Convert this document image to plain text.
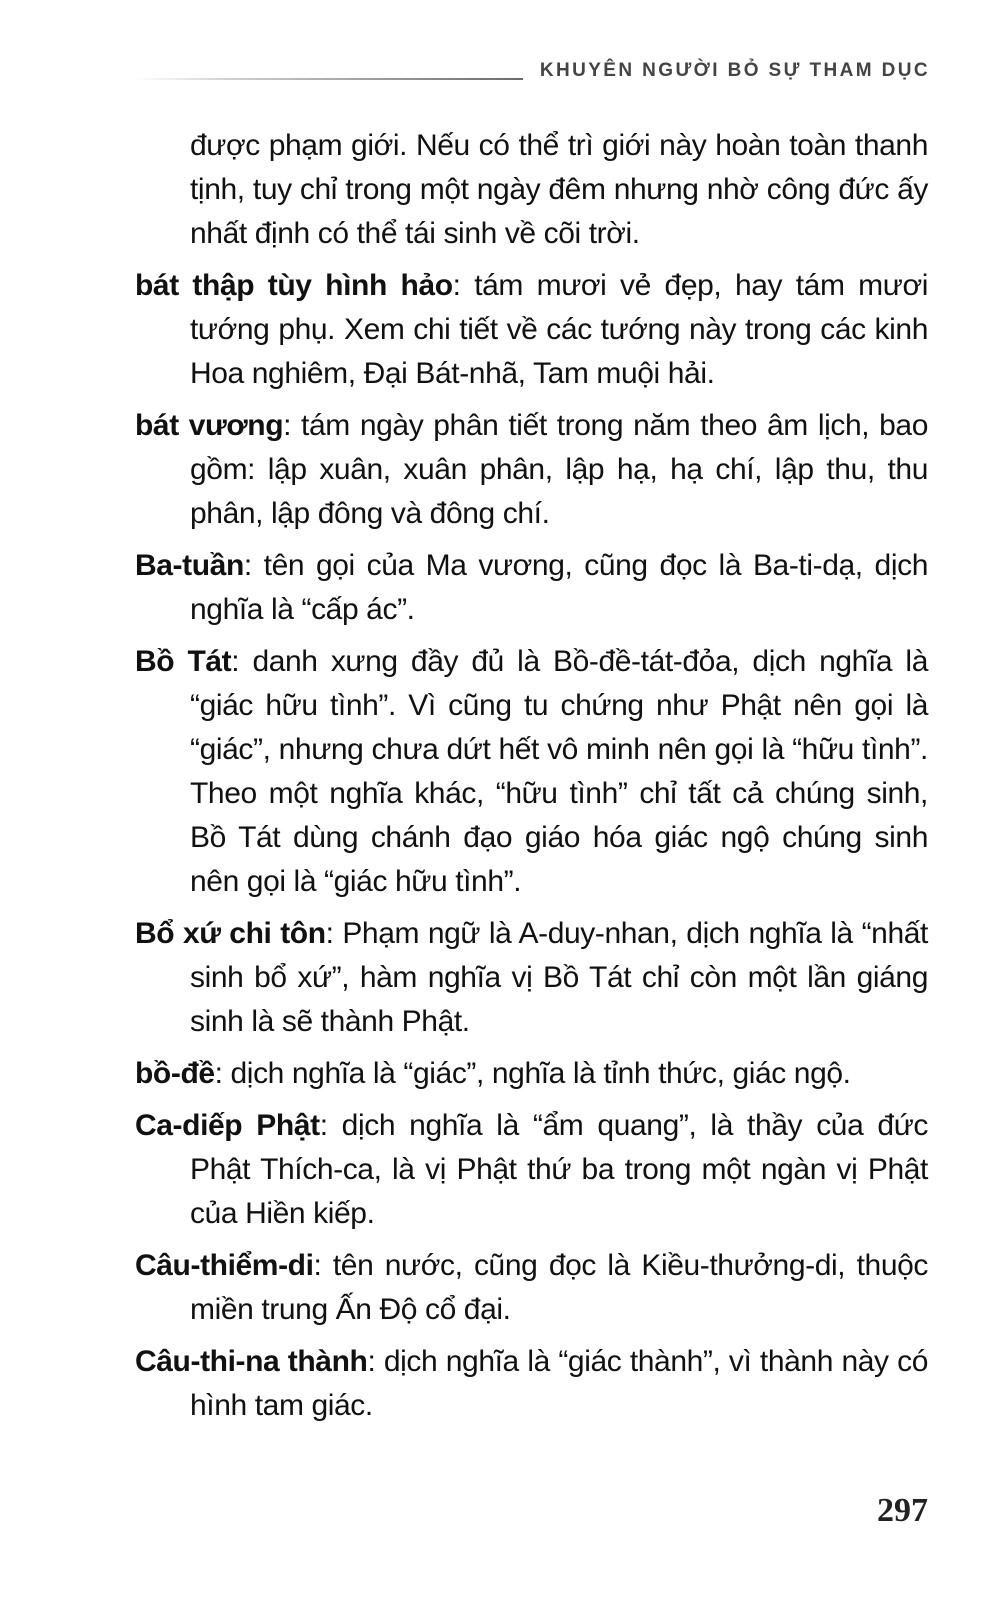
KHUYÊN NGƯỜI BỎ SỰ THAM DỤC

được phạm giới. Nếu có thể trì giới này hoàn toàn thanh tịnh, tuy chỉ trong một ngày đêm nhưng nhờ công đức ấy nhất định có thể tái sinh về cõi trời.

bát thập tùy hình hảo: tám mươi vẻ đẹp, hay tám mươi tướng phụ. Xem chi tiết về các tướng này trong các kinh Hoa nghiêm, Đại Bát-nhã, Tam muội hải.

bát vương: tám ngày phân tiết trong năm theo âm lịch, bao gồm: lập xuân, xuân phân, lập hạ, hạ chí, lập thu, thu phân, lập đông và đông chí.

Ba-tuần: tên gọi của Ma vương, cũng đọc là Ba-ti-dạ, dịch nghĩa là “cấp ác”.

Bồ Tát: danh xưng đầy đủ là Bồ-đề-tát-đỏa, dịch nghĩa là “giác hữu tình”. Vì cũng tu chứng như Phật nên gọi là “giác”, nhưng chưa dứt hết vô minh nên gọi là “hữu tình”. Theo một nghĩa khác, “hữu tình” chỉ tất cả chúng sinh, Bồ Tát dùng chánh đạo giáo hóa giác ngộ chúng sinh nên gọi là “giác hữu tình”.

Bổ xứ chi tôn: Phạm ngữ là A-duy-nhan, dịch nghĩa là “nhất sinh bổ xứ”, hàm nghĩa vị Bồ Tát chỉ còn một lần giáng sinh là sẽ thành Phật.

bồ-đề: dịch nghĩa là “giác”, nghĩa là tỉnh thức, giác ngộ.

Ca-diếp Phật: dịch nghĩa là “ẩm quang”, là thầy của đức Phật Thích-ca, là vị Phật thứ ba trong một ngàn vị Phật của Hiền kiếp.

Câu-thiểm-di: tên nước, cũng đọc là Kiều-thưởng-di, thuộc miền trung Ấn Độ cổ đại.

Câu-thi-na thành: dịch nghĩa là “giác thành”, vì thành này có hình tam giác.

297
